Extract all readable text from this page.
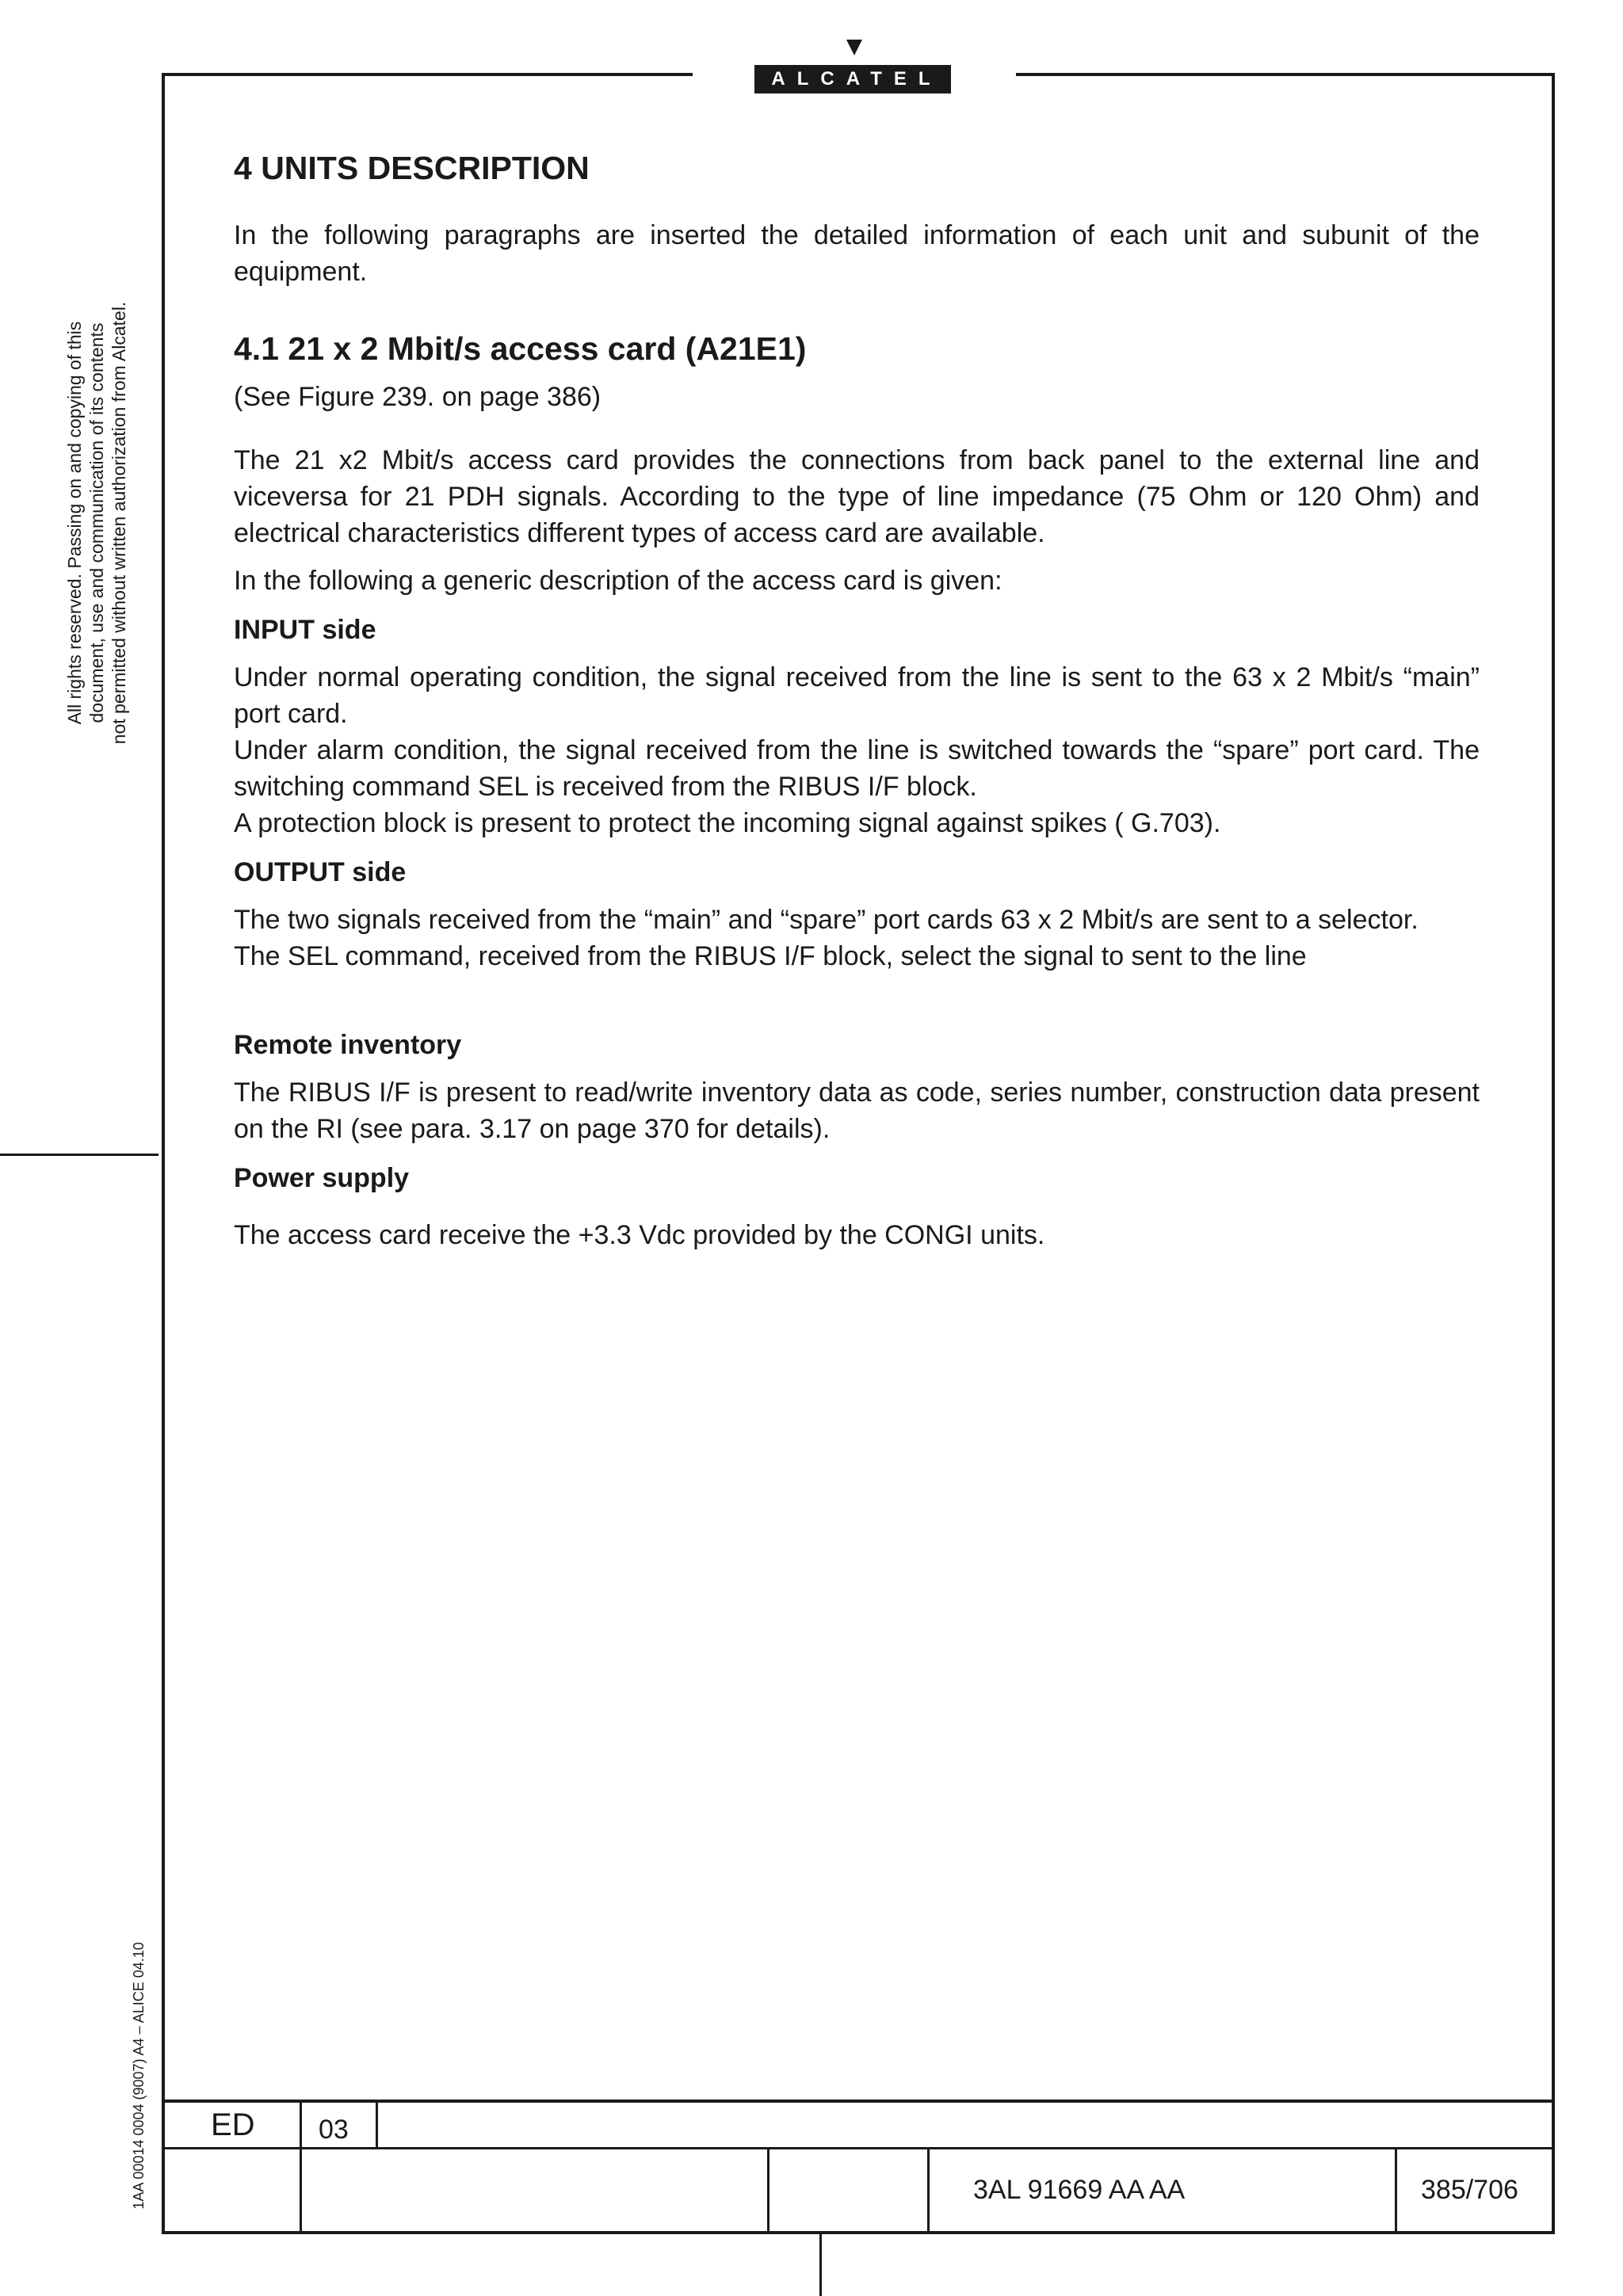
ALCATEL
All rights reserved. Passing on and copying of this document, use and communication of its contents not permitted without written authorization from Alcatel.
1AA 00014 0004 (9007) A4 – ALICE 04.10
4 UNITS DESCRIPTION

In the following paragraphs are inserted the detailed information of each unit and subunit of the equipment.

4.1 21 x 2 Mbit/s access card (A21E1)

(See Figure 239. on page 386)

The 21 x2 Mbit/s access card provides the connections from back panel to the external line and viceversa for 21 PDH signals. According to the type of line impedance (75 Ohm or 120 Ohm) and electrical characteristics different types of access card are available.

In the following a generic description of the access card is given:

INPUT side

Under normal operating condition, the signal received from the line is sent to the 63 x 2 Mbit/s “main” port card.

Under alarm condition, the signal received from the line is switched towards the “spare” port card. The switching command SEL is received from the RIBUS I/F block.

A protection block is present to protect the incoming signal against spikes ( G.703).

OUTPUT side

The two signals received from the “main” and “spare” port cards 63 x 2 Mbit/s are sent to a selector.

The SEL command, received from the RIBUS I/F block, select the signal to sent to the line

Remote inventory

The RIBUS I/F is present to read/write inventory data as code, series number, construction data present on the RI (see para. 3.17 on page 370 for details).

Power supply

The access card receive the +3.3 Vdc provided by the CONGI units.

ED 03
3AL 91669 AA AA	385/706
